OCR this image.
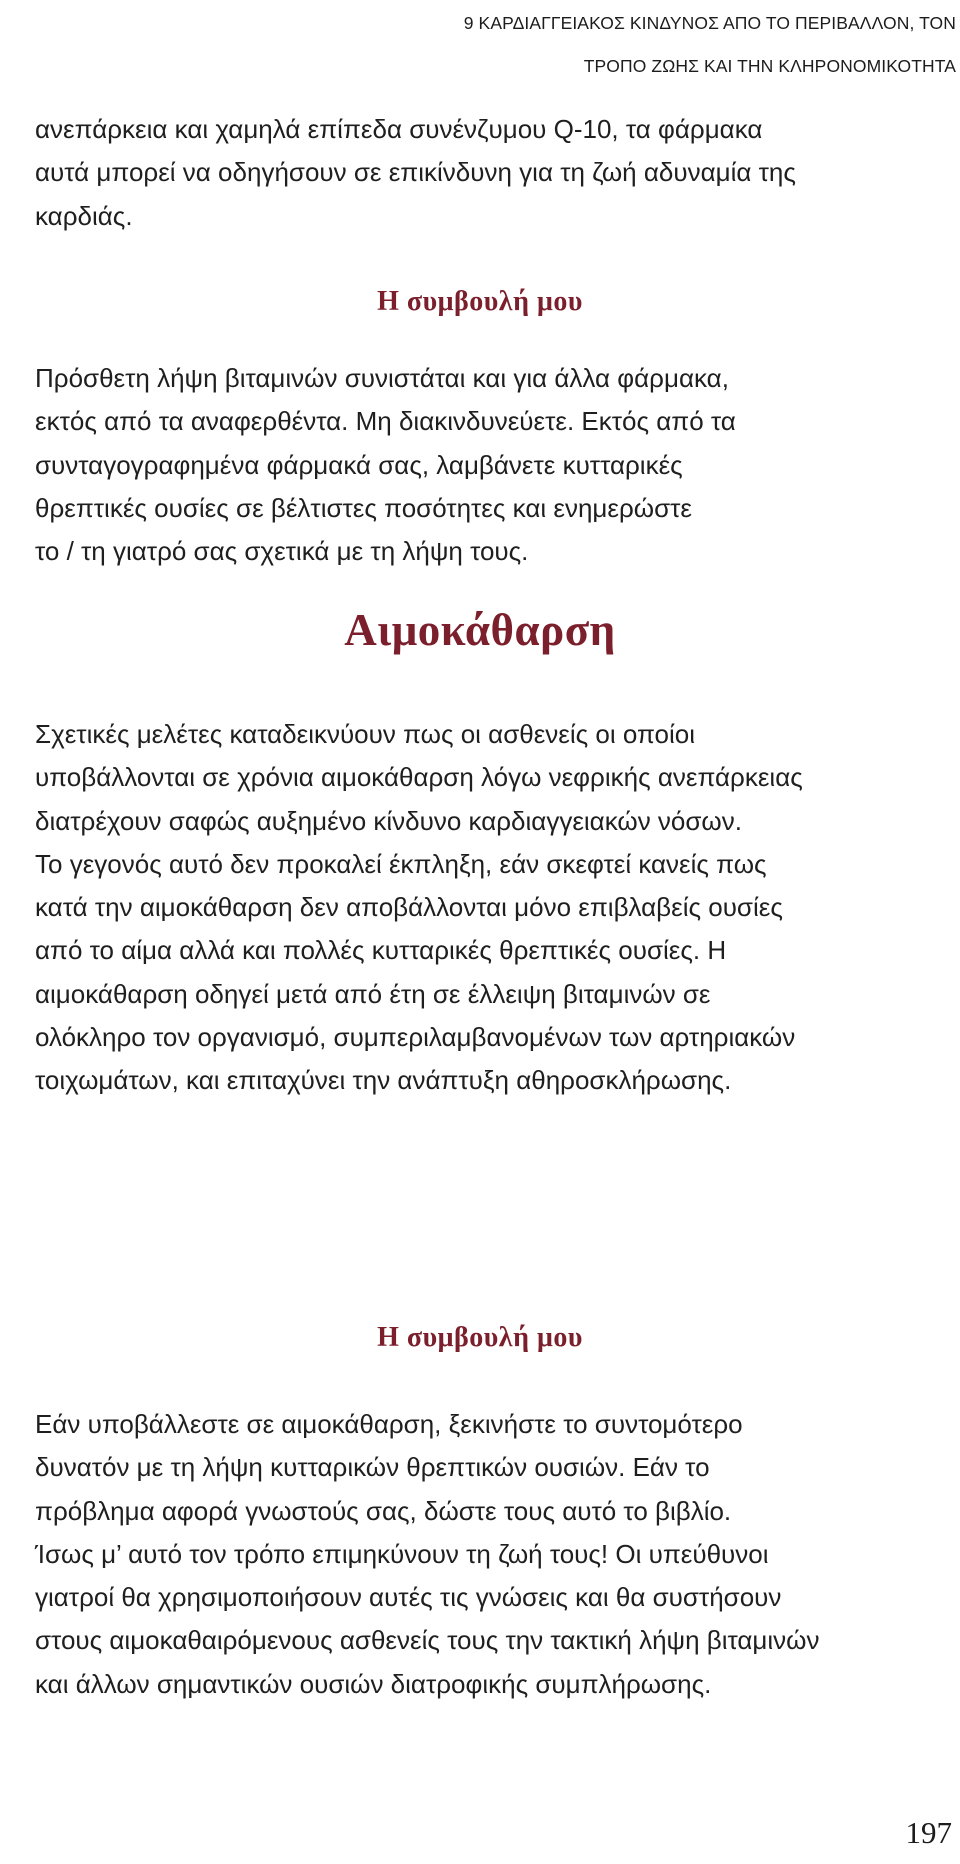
9 ΚΑΡΔΙΑΓΓΕΙΑΚΟΣ ΚΙΝΔΥΝΟΣ ΑΠΟ ΤΟ ΠΕΡΙΒΑΛΛΟΝ, ΤΟΝ
ΤΡΟΠΟ ΖΩΗΣ ΚΑΙ ΤΗΝ ΚΛΗΡΟΝΟΜΙΚΟΤΗΤΑ
ανεπάρκεια και χαμηλά επίπεδα συνένζυμου Q-10, τα φάρμακα
αυτά μπορεί να οδηγήσουν σε επικίνδυνη για τη ζωή αδυναμία της
καρδιάς.
Η συμβουλή μου
Πρόσθετη λήψη βιταμινών συνιστάται και για άλλα φάρμακα,
εκτός από τα αναφερθέντα. Μη διακινδυνεύετε. Εκτός από τα
συνταγογραφημένα φάρμακά σας, λαμβάνετε κυτταρικές
θρεπτικές ουσίες σε βέλτιστες ποσότητες και ενημερώστε
το / τη γιατρό σας σχετικά με τη λήψη τους.
Αιμοκάθαρση
Σχετικές μελέτες καταδεικνύουν πως οι ασθενείς οι οποίοι
υποβάλλονται σε χρόνια αιμοκάθαρση λόγω νεφρικής ανεπάρκειας
διατρέχουν σαφώς αυξημένο κίνδυνο καρδιαγγειακών νόσων.
Το γεγονός αυτό δεν προκαλεί έκπληξη, εάν σκεφτεί κανείς πως
κατά την αιμοκάθαρση δεν αποβάλλονται μόνο επιβλαβείς ουσίες
από το αίμα αλλά και πολλές κυτταρικές θρεπτικές ουσίες. Η
αιμοκάθαρση οδηγεί μετά από έτη σε έλλειψη βιταμινών σε
ολόκληρο τον οργανισμό, συμπεριλαμβανομένων των αρτηριακών
τοιχωμάτων, και επιταχύνει την ανάπτυξη αθηροσκλήρωσης.
Η συμβουλή μου
Εάν υποβάλλεστε σε αιμοκάθαρση, ξεκινήστε το συντομότερο
δυνατόν με τη λήψη κυτταρικών θρεπτικών ουσιών. Εάν το
πρόβλημα αφορά γνωστούς σας, δώστε τους αυτό το βιβλίο.
Ίσως μ’ αυτό τον τρόπο επιμηκύνουν τη ζωή τους! Οι υπεύθυνοι
γιατροί θα χρησιμοποιήσουν αυτές τις γνώσεις και θα συστήσουν
στους αιμοκαθαιρόμενους ασθενείς τους την τακτική λήψη βιταμινών
και άλλων σημαντικών ουσιών διατροφικής συμπλήρωσης.
197
